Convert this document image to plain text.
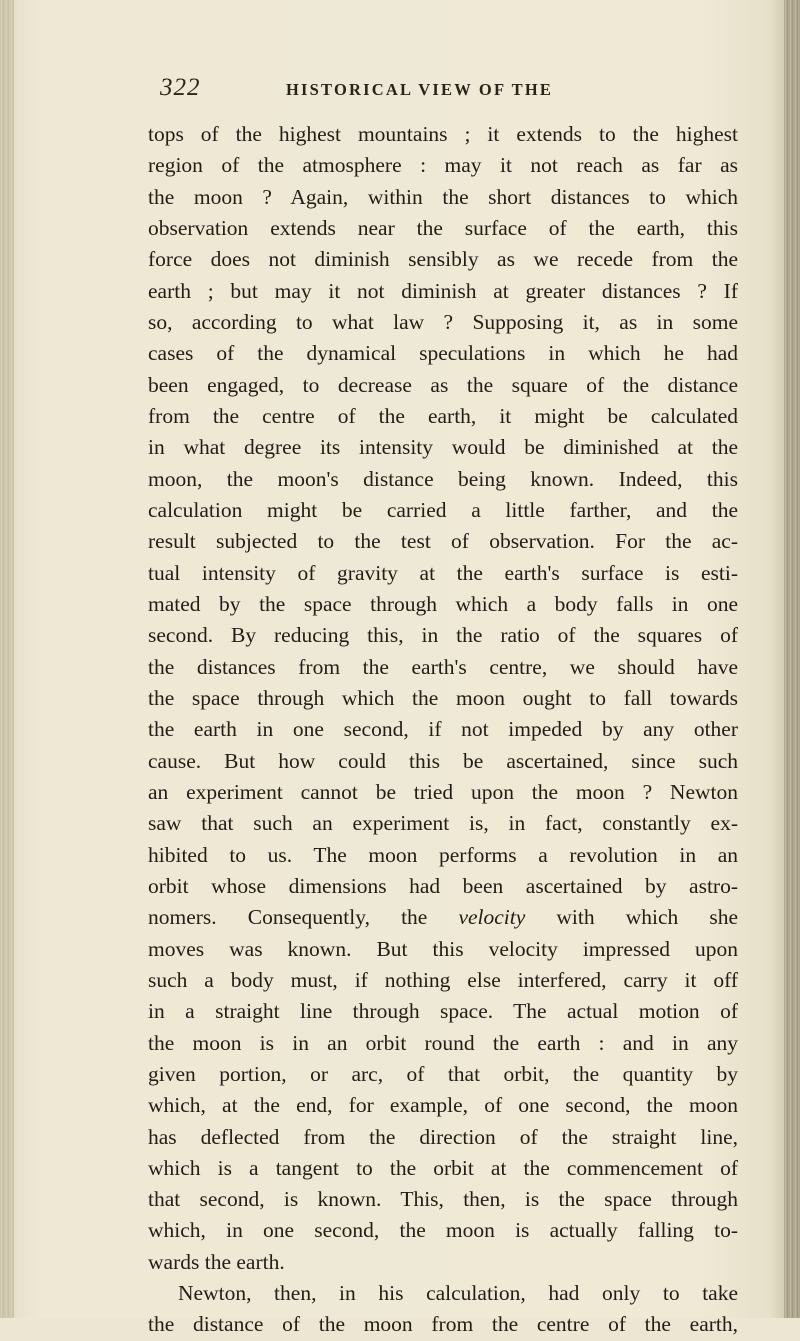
322	HISTORICAL VIEW OF THE
tops of the highest mountains ; it extends to the highest
region of the atmosphere : may it not reach as far as
the moon ? Again, within the short distances to which
observation extends near the surface of the earth, this
force does not diminish sensibly as we recede from the
earth ; but may it not diminish at greater distances ? If
so, according to what law ? Supposing it, as in some
cases of the dynamical speculations in which he had
been engaged, to decrease as the square of the distance
from the centre of the earth, it might be calculated
in what degree its intensity would be diminished at the
moon, the moon's distance being known. Indeed, this
calculation might be carried a little farther, and the
result subjected to the test of observation. For the ac-
tual intensity of gravity at the earth's surface is esti-
mated by the space through which a body falls in one
second. By reducing this, in the ratio of the squares of
the distances from the earth's centre, we should have
the space through which the moon ought to fall towards
the earth in one second, if not impeded by any other
cause. But how could this be ascertained, since such
an experiment cannot be tried upon the moon ? Newton
saw that such an experiment is, in fact, constantly ex-
hibited to us. The moon performs a revolution in an
orbit whose dimensions had been ascertained by astro-
nomers. Consequently, the velocity with which she
moves was known. But this velocity impressed upon
such a body must, if nothing else interfered, carry it off
in a straight line through space. The actual motion of
the moon is in an orbit round the earth : and in any
given portion, or arc, of that orbit, the quantity by
which, at the end, for example, of one second, the moon
has deflected from the direction of the straight line,
which is a tangent to the orbit at the commencement of
that second, is known. This, then, is the space through
which, in one second, the moon is actually falling to-
wards the earth.
Newton, then, in his calculation, had only to take
the distance of the moon from the centre of the earth,
